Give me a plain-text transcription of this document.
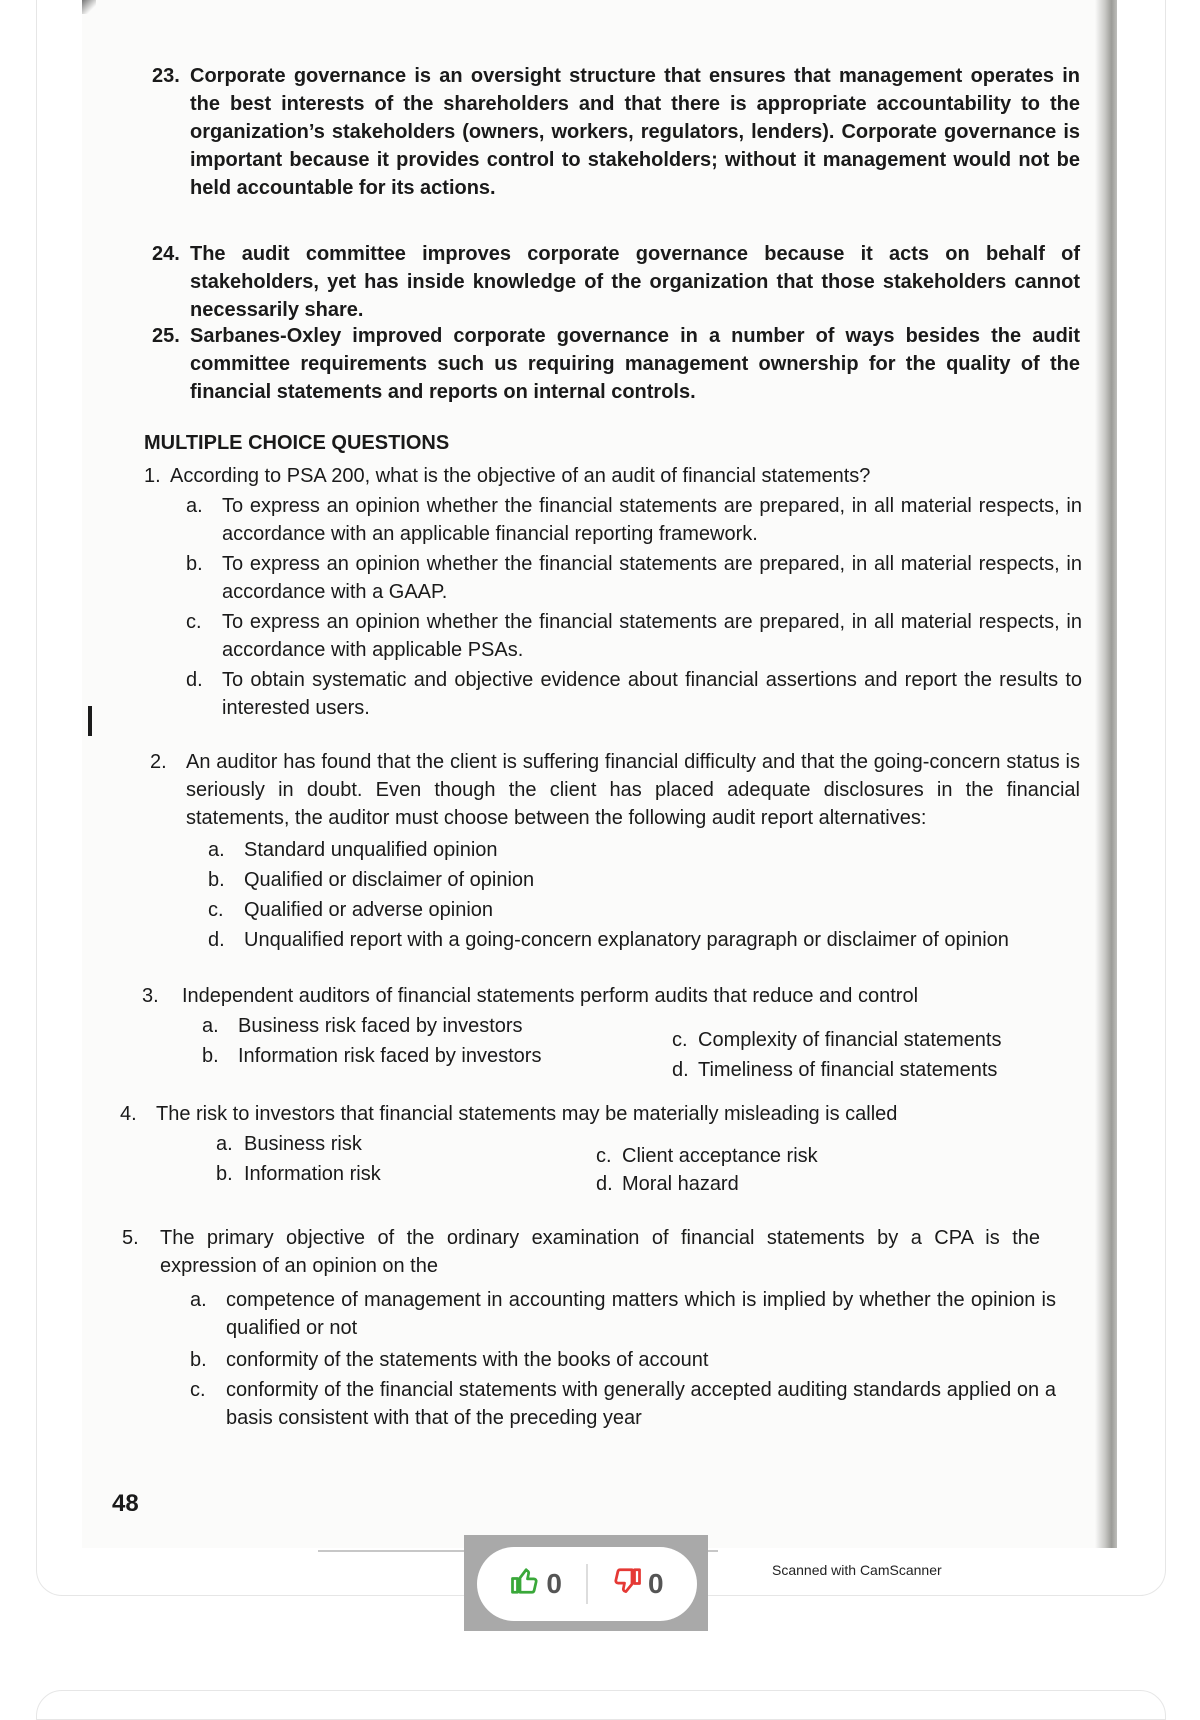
23. Corporate governance is an oversight structure that ensures that management operates in the best interests of the shareholders and that there is appropriate accountability to the organization’s stakeholders (owners, workers, regulators, lenders). Corporate governance is important because it provides control to stakeholders; without it management would not be held accountable for its actions.
24. The audit committee improves corporate governance because it acts on behalf of stakeholders, yet has inside knowledge of the organization that those stakeholders cannot necessarily share.
25. Sarbanes-Oxley improved corporate governance in a number of ways besides the audit committee requirements such us requiring management ownership for the quality of the financial statements and reports on internal controls.
MULTIPLE CHOICE QUESTIONS
1. According to PSA 200, what is the objective of an audit of financial statements?
a. To express an opinion whether the financial statements are prepared, in all material respects, in accordance with an applicable financial reporting framework.
b. To express an opinion whether the financial statements are prepared, in all material respects, in accordance with a GAAP.
c. To express an opinion whether the financial statements are prepared, in all material respects, in accordance with applicable PSAs.
d. To obtain systematic and objective evidence about financial assertions and report the results to interested users.
2. An auditor has found that the client is suffering financial difficulty and that the going-concern status is seriously in doubt. Even though the client has placed adequate disclosures in the financial statements, the auditor must choose between the following audit report alternatives:
a. Standard unqualified opinion
b. Qualified or disclaimer of opinion
c. Qualified or adverse opinion
d. Unqualified report with a going-concern explanatory paragraph or disclaimer of opinion
3. Independent auditors of financial statements perform audits that reduce and control
a. Business risk faced by investors
b. Information risk faced by investors
c. Complexity of financial statements
d. Timeliness of financial statements
4. The risk to investors that financial statements may be materially misleading is called
a. Business risk
b. Information risk
c. Client acceptance risk
d. Moral hazard
5. The primary objective of the ordinary examination of financial statements by a CPA is the expression of an opinion on the
a. competence of management in accounting matters which is implied by whether the opinion is qualified or not
b. conformity of the statements with the books of account
c. conformity of the financial statements with generally accepted auditing standards applied on a basis consistent with that of the preceding year
48
0	0	Scanned with CamScanner
